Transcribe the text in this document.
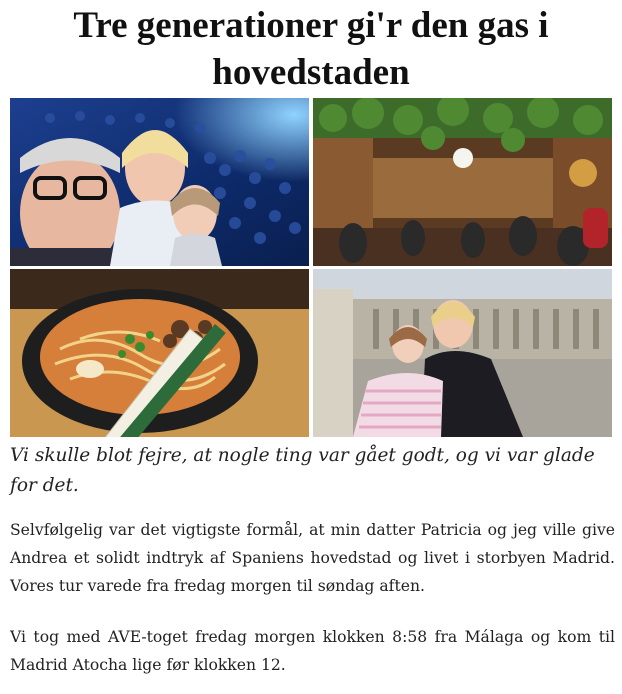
Tre generationer gi'r den gas i hovedstaden

Vi skulle blot fejre, at nogle ting var gået godt, og vi var glade for det.

Selvfølgelig var det vigtigste formål, at min datter Patricia og jeg ville give Andrea et solidt indtryk af Spaniens hovedstad og livet i storbyen Madrid. Vores tur varede fra fredag morgen til søndag aften.

Vi tog med AVE-toget fredag morgen klokken 8:58 fra Málaga og kom til Madrid Atocha lige før klokken 12.
